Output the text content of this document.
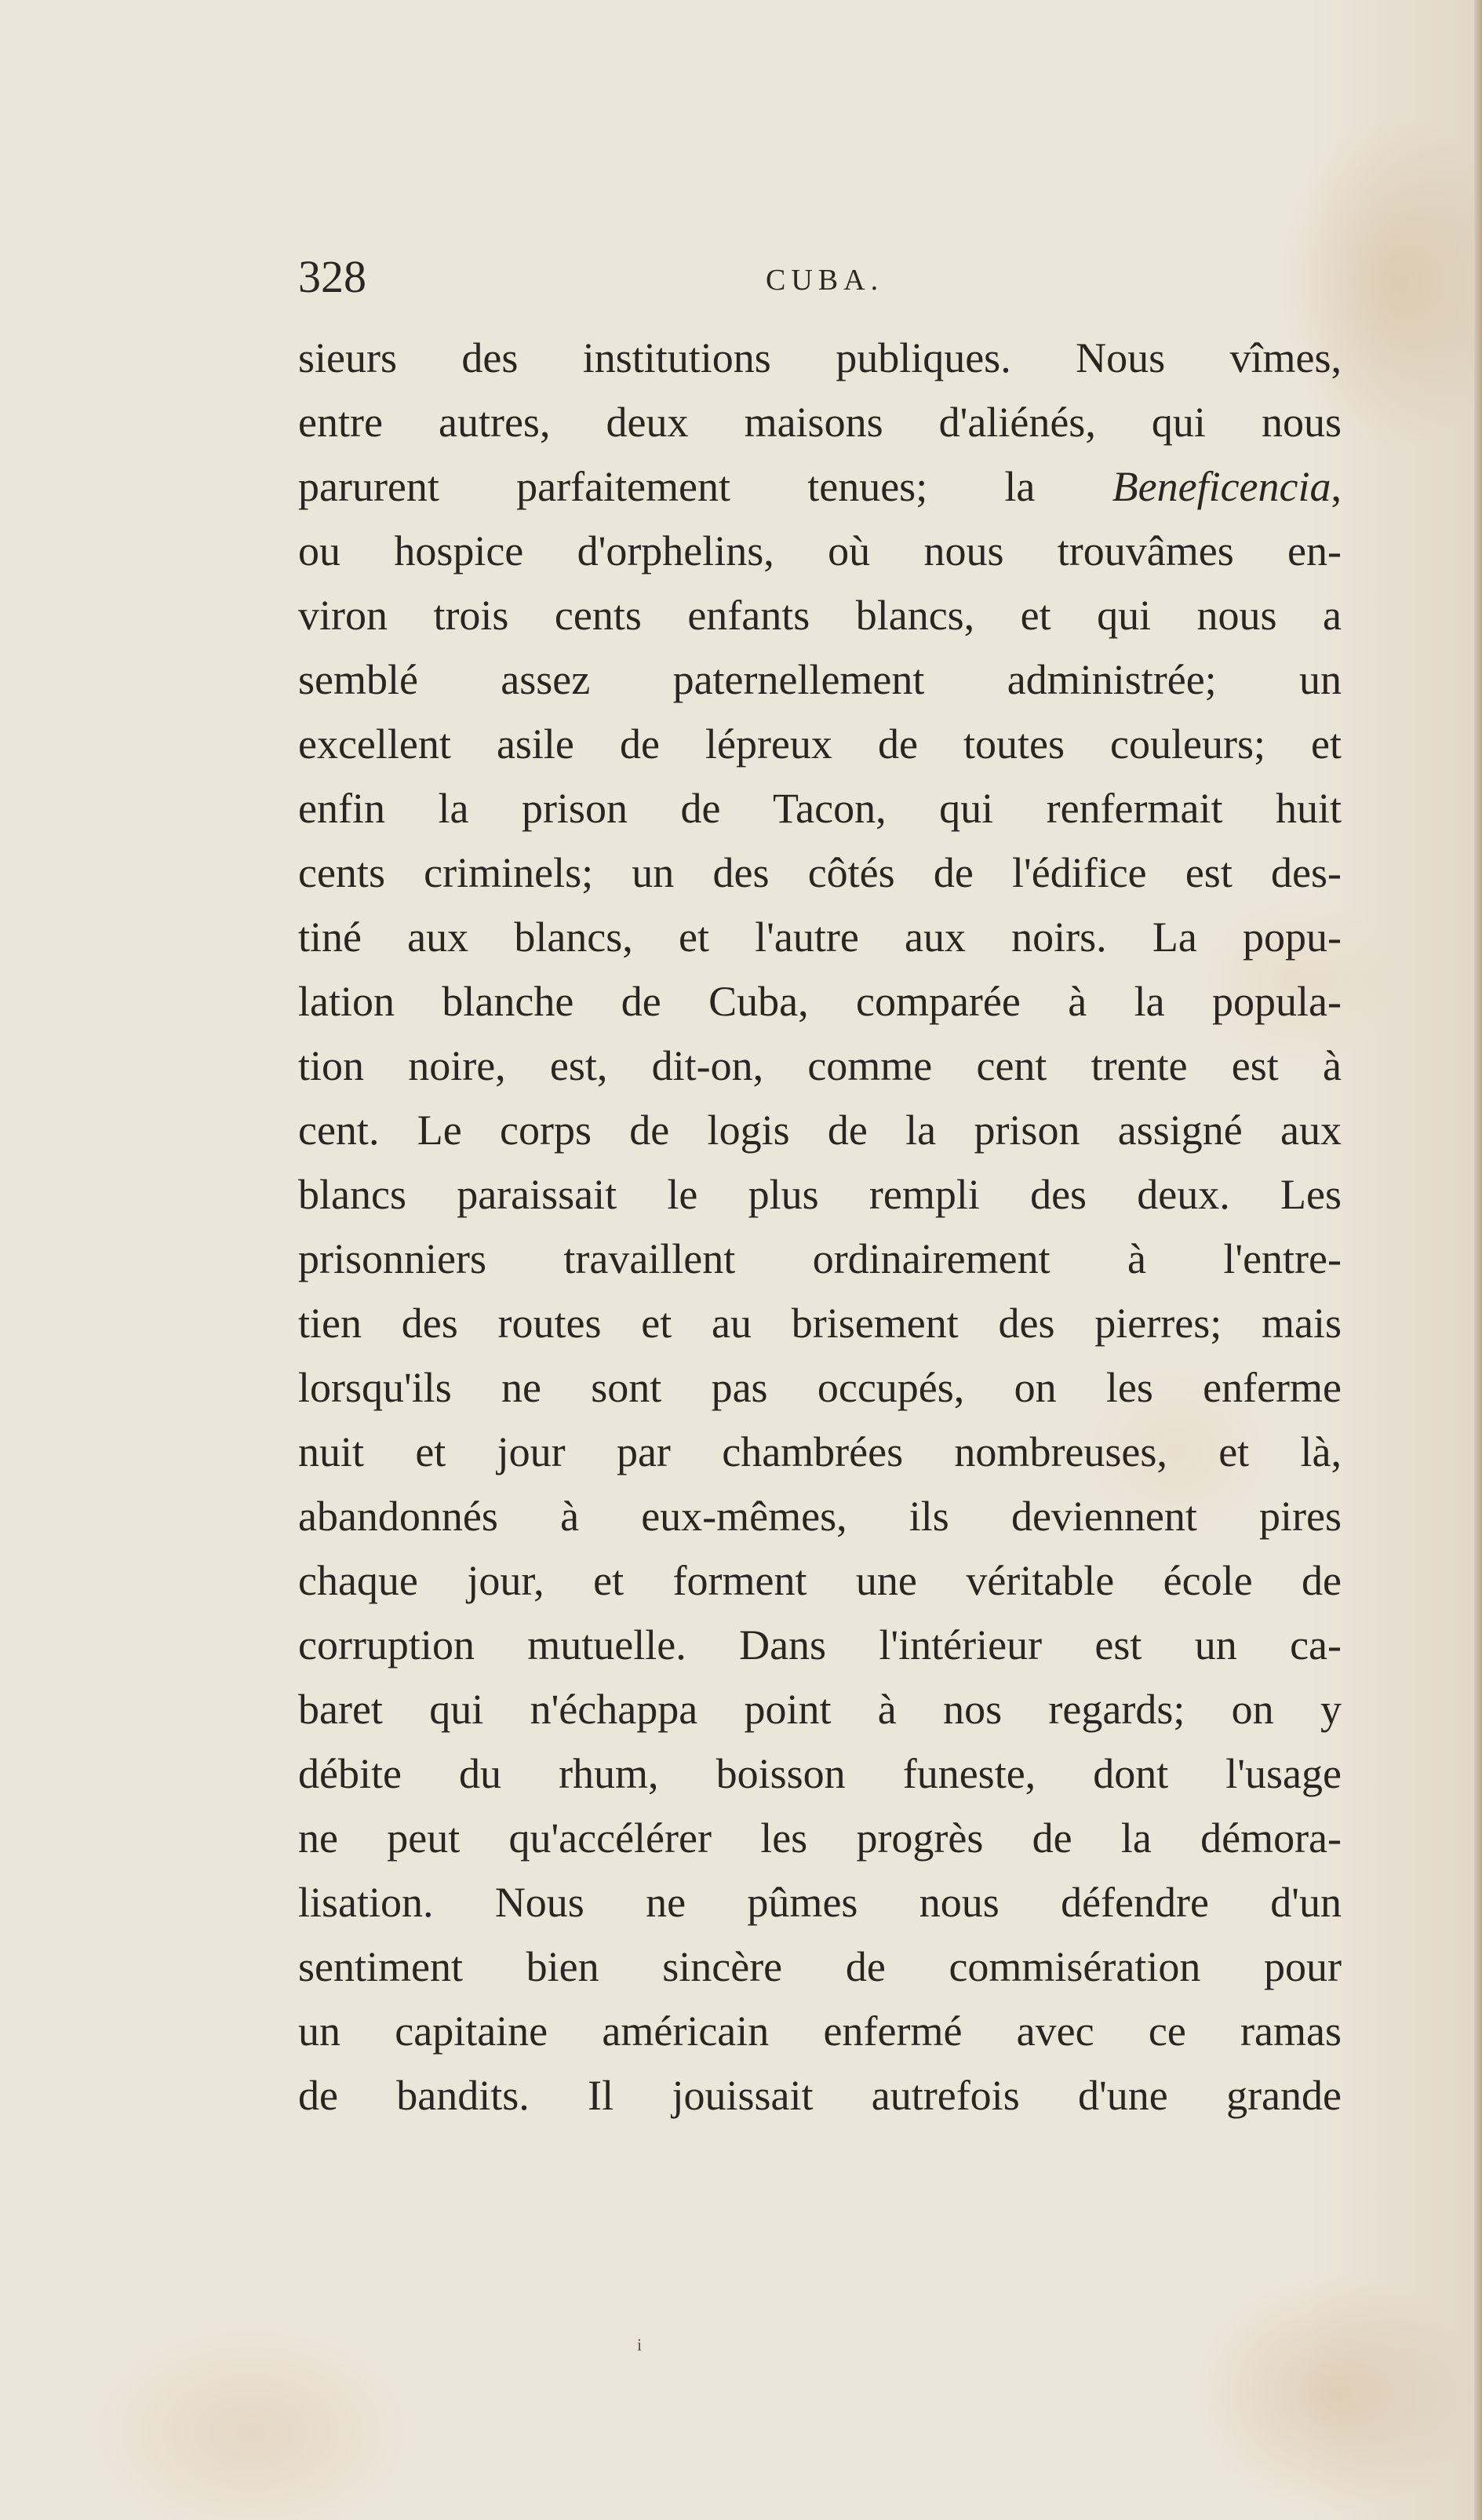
328	CUBA.
sieurs des institutions publiques. Nous vîmes,
entre autres, deux maisons d'aliénés, qui nous
parurent parfaitement tenues; la Beneficencia,
ou hospice d'orphelins, où nous trouvâmes en-
viron trois cents enfants blancs, et qui nous a
semblé assez paternellement administrée; un
excellent asile de lépreux de toutes couleurs; et
enfin la prison de Tacon, qui renfermait huit
cents criminels; un des côtés de l'édifice est des-
tiné aux blancs, et l'autre aux noirs. La popu-
lation blanche de Cuba, comparée à la popula-
tion noire, est, dit-on, comme cent trente est à
cent. Le corps de logis de la prison assigné aux
blancs paraissait le plus rempli des deux. Les
prisonniers travaillent ordinairement à l'entre-
tien des routes et au brisement des pierres; mais
lorsqu'ils ne sont pas occupés, on les enferme
nuit et jour par chambrées nombreuses, et là,
abandonnés à eux-mêmes, ils deviennent pires
chaque jour, et forment une véritable école de
corruption mutuelle. Dans l'intérieur est un ca-
baret qui n'échappa point à nos regards; on y
débite du rhum, boisson funeste, dont l'usage
ne peut qu'accélérer les progrès de la démora-
lisation. Nous ne pûmes nous défendre d'un
sentiment bien sincère de commisération pour
un capitaine américain enfermé avec ce ramas
de bandits. Il jouissait autrefois d'une grande
i
